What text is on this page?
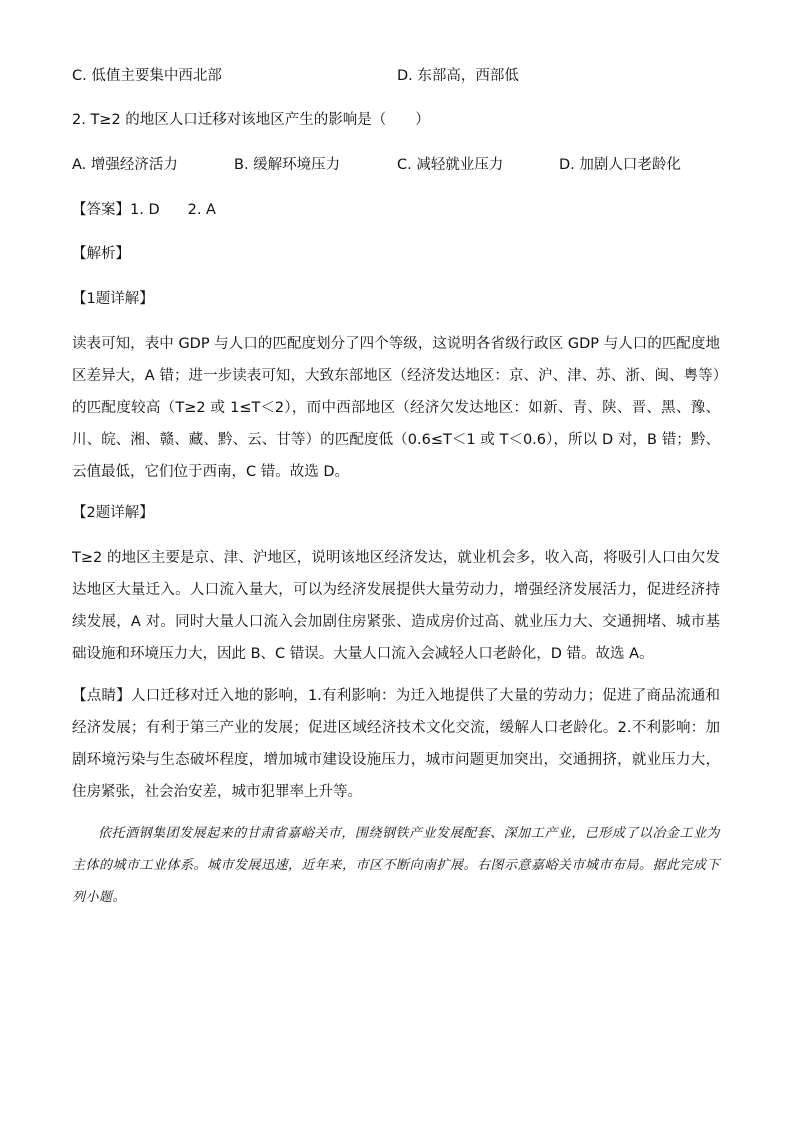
C. 低值主要集中西北部	D. 东部高，西部低
2. T≥2 的地区人口迁移对该地区产生的影响是（　　）
A. 增强经济活力	B. 缓解环境压力	C. 减轻就业压力	D. 加剧人口老龄化
【答案】1. D 2. A
【解析】
【1题详解】
读表可知，表中 GDP 与人口的匹配度划分了四个等级，这说明各省级行政区 GDP 与人口的匹配度地区差异大，A 错；进一步读表可知，大致东部地区（经济发达地区：京、沪、津、苏、浙、闽、粤等）的匹配度较高（T≥2 或 1≤T＜2），而中西部地区（经济欠发达地区：如新、青、陕、晋、黑、豫、川、皖、湘、赣、藏、黔、云、甘等）的匹配度低（0.6≤T＜1 或 T＜0.6），所以 D 对，B 错；黔、云值最低，它们位于西南，C 错。故选 D。
【2题详解】
T≥2 的地区主要是京、津、沪地区，说明该地区经济发达，就业机会多，收入高，将吸引人口由欠发达地区大量迁入。人口流入量大，可以为经济发展提供大量劳动力，增强经济发展活力，促进经济持续发展，A 对。同时大量人口流入会加剧住房紧张、造成房价过高、就业压力大、交通拥堵、城市基础设施和环境压力大，因此 B、C 错误。大量人口流入会减轻人口老龄化，D 错。故选 A。
【点睛】人口迁移对迁入地的影响，1.有利影响：为迁入地提供了大量的劳动力；促进了商品流通和经济发展；有利于第三产业的发展；促进区域经济技术文化交流，缓解人口老龄化。2.不利影响：加剧环境污染与生态破坏程度，增加城市建设设施压力，城市问题更加突出，交通拥挤，就业压力大，住房紧张，社会治安差，城市犯罪率上升等。
依托酒钢集团发展起来的甘肃省嘉峪关市，围绕钢铁产业发展配套、深加工产业，已形成了以冶金工业为主体的城市工业体系。城市发展迅速，近年来，市区不断向南扩展。右图示意嘉峪关市城市布局。据此完成下列小题。
